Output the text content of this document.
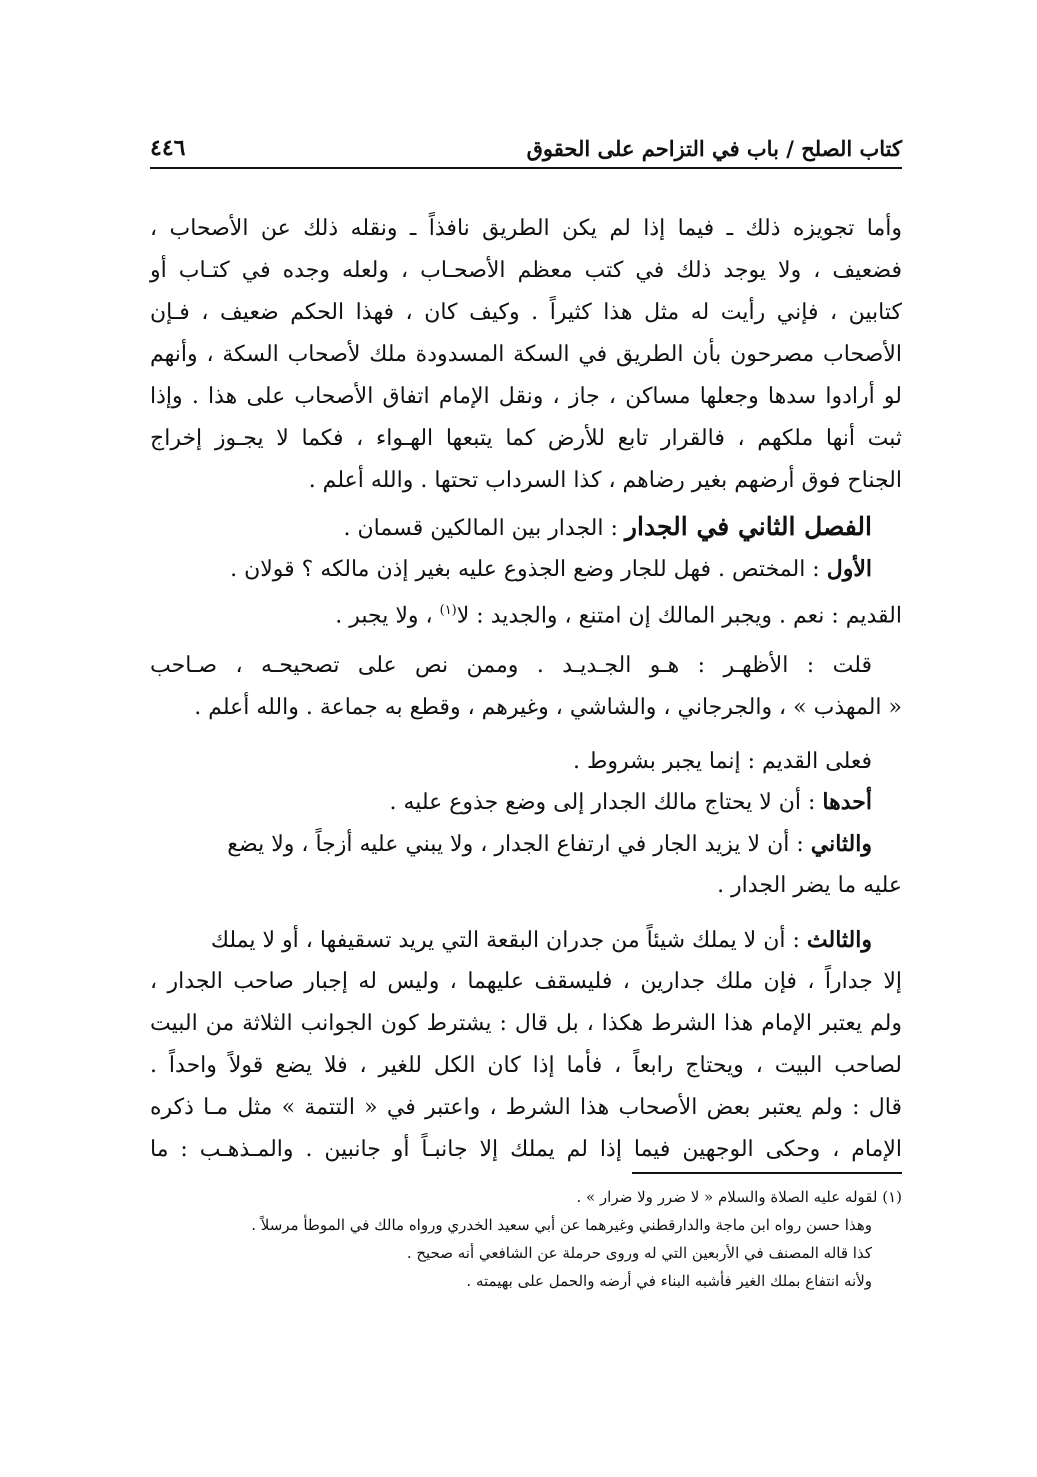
كتاب الصلح / باب في التزاحم على الحقوق
٤٤٦
وأما تجويزه ذلك ـ فيما إذا لم يكن الطريق نافذاً ـ ونقله ذلك عن الأصحاب ،
فضعيف ، ولا يوجد ذلك في كتب معظم الأصحـاب ، ولعله وجده في كتـاب أو
كتابين ، فإني رأيت له مثل هذا كثيراً . وكيف كان ، فهذا الحكم ضعيف ، فـإن
الأصحاب مصرحون بأن الطريق في السكة المسدودة ملك لأصحاب السكة ، وأنهم
لو أرادوا سدها وجعلها مساكن ، جاز ، ونقل الإمام اتفاق الأصحاب على هذا . وإذا
ثبت أنها ملكهم ، فالقرار تابع للأرض كما يتبعها الهـواء ، فكما لا يجـوز إخراج
الجناح فوق أرضهم بغير رضاهم ، كذا السرداب تحتها . والله أعلم .
الفصل الثاني في الجدار : الجدار بين المالكين قسمان .
الأول : المختص . فهل للجار وضع الجذوع عليه بغير إذن مالكه ؟ قولان .
القديم : نعم . ويجبر المالك إن امتنع ، والجديد : لا$^{(١)}$ ، ولا يجبر .
قلت : الأظهـر : هـو الجـديـد . وممن نص على تصحيحـه ، صـاحب
« المهذب » ، والجرجاني ، والشاشي ، وغيرهم ، وقطع به جماعة . والله أعلم .
فعلى القديم : إنما يجبر بشروط .
أحدها : أن لا يحتاج مالك الجدار إلى وضع جذوع عليه .
والثاني : أن لا يزيد الجار في ارتفاع الجدار ، ولا يبني عليه أزجاً ، ولا يضع
عليه ما يضر الجدار .
والثالث : أن لا يملك شيئاً من جدران البقعة التي يريد تسقيفها ، أو لا يملك
إلا جداراً ، فإن ملك جدارين ، فليسقف عليهما ، وليس له إجبار صاحب الجدار ،
ولم يعتبر الإمام هذا الشرط هكذا ، بل قال : يشترط كون الجوانب الثلاثة من البيت
لصاحب البيت ، ويحتاج رابعاً ، فأما إذا كان الكل للغير ، فلا يضع قولاً واحداً .
قال : ولم يعتبر بعض الأصحاب هذا الشرط ، واعتبر في « التتمة » مثل مـا ذكره
الإمام ، وحكى الوجهين فيما إذا لم يملك إلا جانبـاً أو جانبين . والمـذهـب : ما
(١) لقوله عليه الصلاة والسلام « لا ضرر ولا ضرار » .
وهذا حسن رواه ابن ماجة والدارقطني وغيرهما عن أبي سعيد الخدري ورواه مالك في الموطأ مرسلاً .
كذا قاله المصنف في الأربعين التي له وروى حرملة عن الشافعي أنه صحيح .
ولأنه انتفاع بملك الغير فأشبه البناء في أرضه والحمل على بهيمته .
